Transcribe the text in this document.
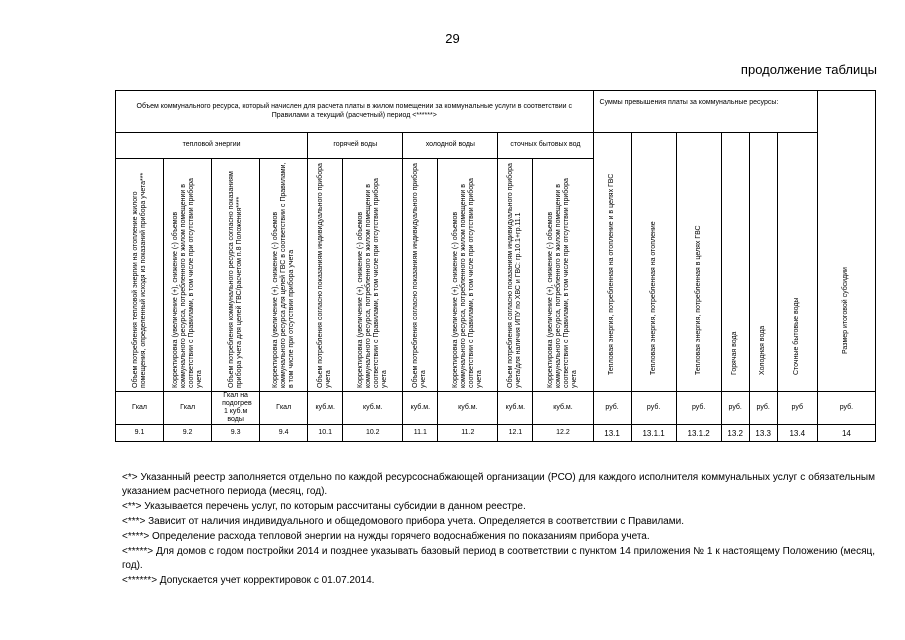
29
продолжение таблицы
Объем коммунального ресурса, который начислен для расчета платы в жилом помещении за коммунальные услуги в соответствии с Правилами а текущий (расчетный) период <******>										Суммы превышения платы за коммунальные ресурсы:						Размер итоговой субсидии

тепловой энергии				горячей воды		холодной воды		сточных бытовых вод		Тепловая энергия, потребленная на отопление и в целях ГВС	Тепловая энергия, потребленная на отопление	Тепловая энергия, потребленная в целях ГВС	Горячая вода	Холодная вода	Сточные бытовые воды	

Объем потребления тепловой энергии на отопление жилого помещения, определенный исходя из показаний прибора учета***	Корректировка (увеличение (+), снижение (-) объемов коммунального ресурса, потребленного в жилом помещении в соответствии с Правилами, в том числе при отсутствии прибора учета	Объем потребления коммунального ресурса согласно показаниям прибора учета для целей ГВС/расчетом п.8 Положения****	Корректировка (увеличение (+), снижение (-) объемов коммунального ресурса для целей ГВС в соответствии с Правилами, в том числе при отсутствии прибора учета	Объем потребления согласно показаниям индивидуального прибора учета	Корректировка (увеличение (+), снижение (-) объемов коммунального ресурса, потребленного в жилом помещении в соответствии с Правилами, в том числе при отсутствии прибора учета	Объем потребления согласно показаниям индивидуального прибора учета	Корректировка (увеличение (+), снижение (-) объемов коммунального ресурса, потребленного в жилом помещении в соответствии с Правилами, в том числе при отсутствии прибора учета	Объем потребления согласно показаниям индивидуального прибора учета/для наличия ИПУ по ХВС и ГВС: гр.10.1+гр.11.1	Корректировка (увеличение (+), снижение (-) объемов коммунального ресурса, потребленного в жилом помещении в соответствии с Правилами, в том числе при отсутствии прибора учета							

Гкал	Гкал	Гкал на подогрев 1 куб.м воды	Гкал	куб.м.	куб.м.	куб.м.	куб.м.	куб.м.	куб.м.	руб.	руб.	руб.	руб.	руб.	руб	руб.
9.1	9.2	9.3	9.4	10.1	10.2	11.1	11.2	12.1	12.2	13.1	13.1.1	13.1.2	13.2	13.3	13.4	14
<*> Указанный реестр заполняется отдельно по каждой ресурсоснабжающей организации (РСО) для каждого исполнителя коммунальных услуг с обязательным указанием расчетного периода (месяц, год).
<**> Указывается перечень услуг, по которым рассчитаны субсидии в данном реестре.
<***> Зависит от наличия индивидуального и общедомового прибора учета. Определяется в соответствии с Правилами.
<****> Определение расхода тепловой энергии на нужды горячего водоснабжения по показаниям прибора учета.
<*****> Для домов с годом постройки 2014 и позднее указывать базовый период в соответствии с пунктом 14 приложения № 1 к настоящему Положению (месяц, год).
<******> Допускается учет корректировок с 01.07.2014.
